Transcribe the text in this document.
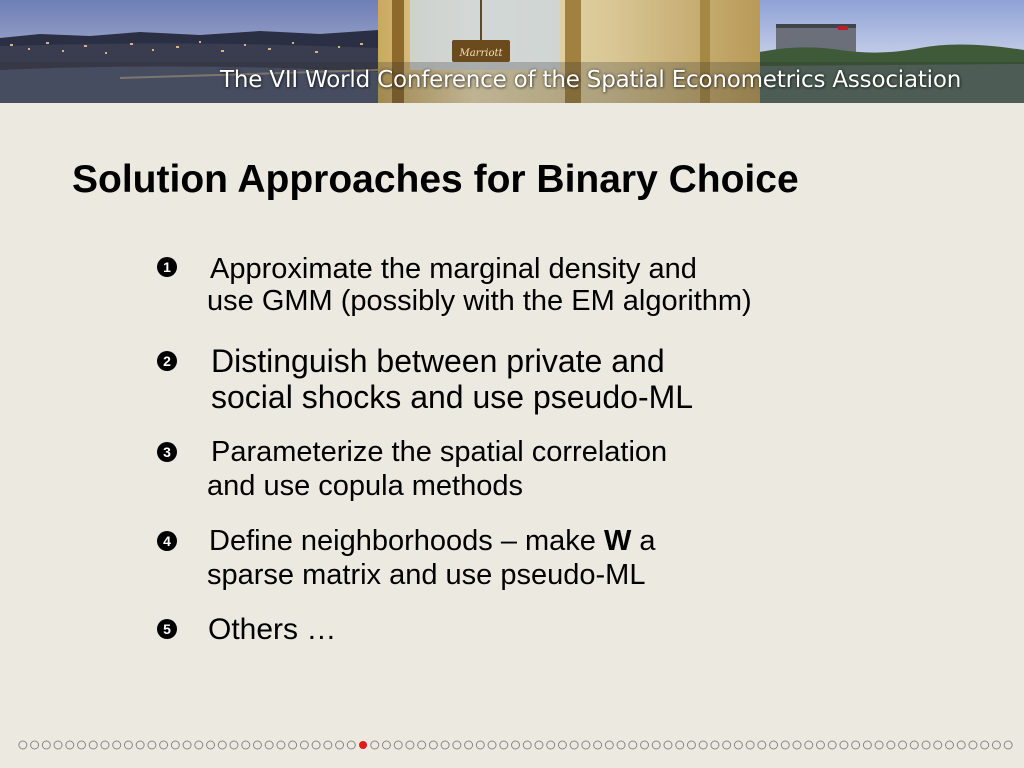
Marriott
The VII World Conference of the Spatial Econometrics Association
Solution Approaches for Binary Choice
1 Approximate the marginal density and
use GMM (possibly with the EM algorithm)
2 Distinguish between private and
social shocks and use pseudo-ML
3 Parameterize the spatial correlation
and use copula methods
4 Define neighborhoods – make W a
sparse matrix and use pseudo-ML
5 Others …
